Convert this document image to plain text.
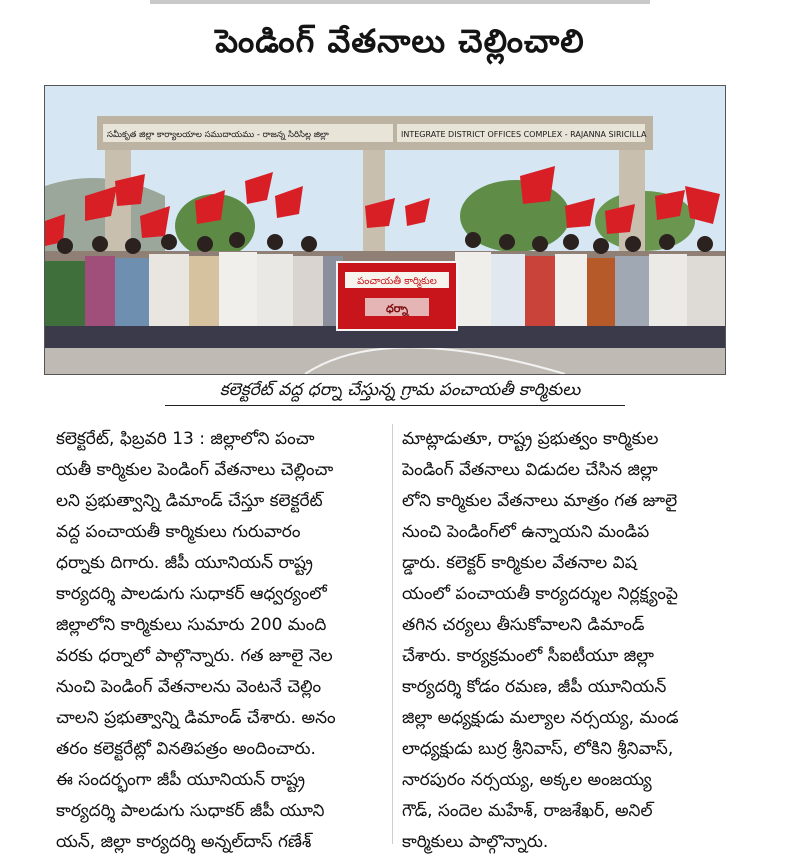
పెండింగ్ వేతనాలు చెల్లించాలి
సమీకృత జిల్లా కార్యాలయాల సముదాయము - రాజన్న సిరిసిల్ల జిల్లా	INTEGRATE DISTRICT OFFICES COMPLEX - RAJANNA SIRICILLA
పంచాయతీ కార్మికుల
ధర్నా
కలెక్టరేట్ వద్ద ధర్నా చేస్తున్న గ్రామ పంచాయతీ కార్మికులు
కలెక్టరేట్, ఫిబ్రవరి 13 : జిల్లాలోని పంచా
యతీ కార్మికుల పెండింగ్ వేతనాలు చెల్లించా
లని ప్రభుత్వాన్ని డిమాండ్ చేస్తూ కలెక్టరేట్
వద్ద పంచాయతీ కార్మికులు గురువారం
ధర్నాకు దిగారు. జీపీ యూనియన్ రాష్ట్ర
కార్యదర్శి పాలడుగు సుధాకర్ ఆధ్వర్యంలో
జిల్లాలోని కార్మికులు సుమారు 200 మంది
వరకు ధర్నాలో పాల్గొన్నారు. గత జూలై నెల
నుంచి పెండింగ్ వేతనాలను వెంటనే చెల్లిం
చాలని ప్రభుత్వాన్ని డిమాండ్ చేశారు. అనం
తరం కలెక్టరేట్లో వినతిపత్రం అందించారు.
ఈ సందర్భంగా జీపీ యూనియన్ రాష్ట్ర
కార్యదర్శి పాలడుగు సుధాకర్ జీపీ యూని
యన్, జిల్లా కార్యదర్శి అన్నల్‌దాస్ గణేశ్
మాట్లాడుతూ, రాష్ట్ర ప్రభుత్వం కార్మికుల
పెండింగ్ వేతనాలు విడుదల చేసిన జిల్లా
లోని కార్మికుల వేతనాలు మాత్రం గత జూలై
నుంచి పెండింగ్‌లో ఉన్నాయని మండిప
డ్డారు. కలెక్టర్ కార్మికుల వేతనాల విష
యంలో పంచాయతీ కార్యదర్శుల నిర్లక్ష్యంపై
తగిన చర్యలు తీసుకోవాలని డిమాండ్
చేశారు. కార్యక్రమంలో సీఐటీయూ జిల్లా
కార్యదర్శి కోడం రమణ, జీపీ యూనియన్
జిల్లా అధ్యక్షుడు మల్యాల నర్సయ్య, మండ
లాధ్యక్షుడు బుర్ర శ్రీనివాస్, లోకిని శ్రీనివాస్,
నారపురం నర్సయ్య, అక్కల అంజయ్య
గౌడ్, సందెల మహేశ్, రాజశేఖర్, అనిల్
కార్మికులు పాల్గొన్నారు.
